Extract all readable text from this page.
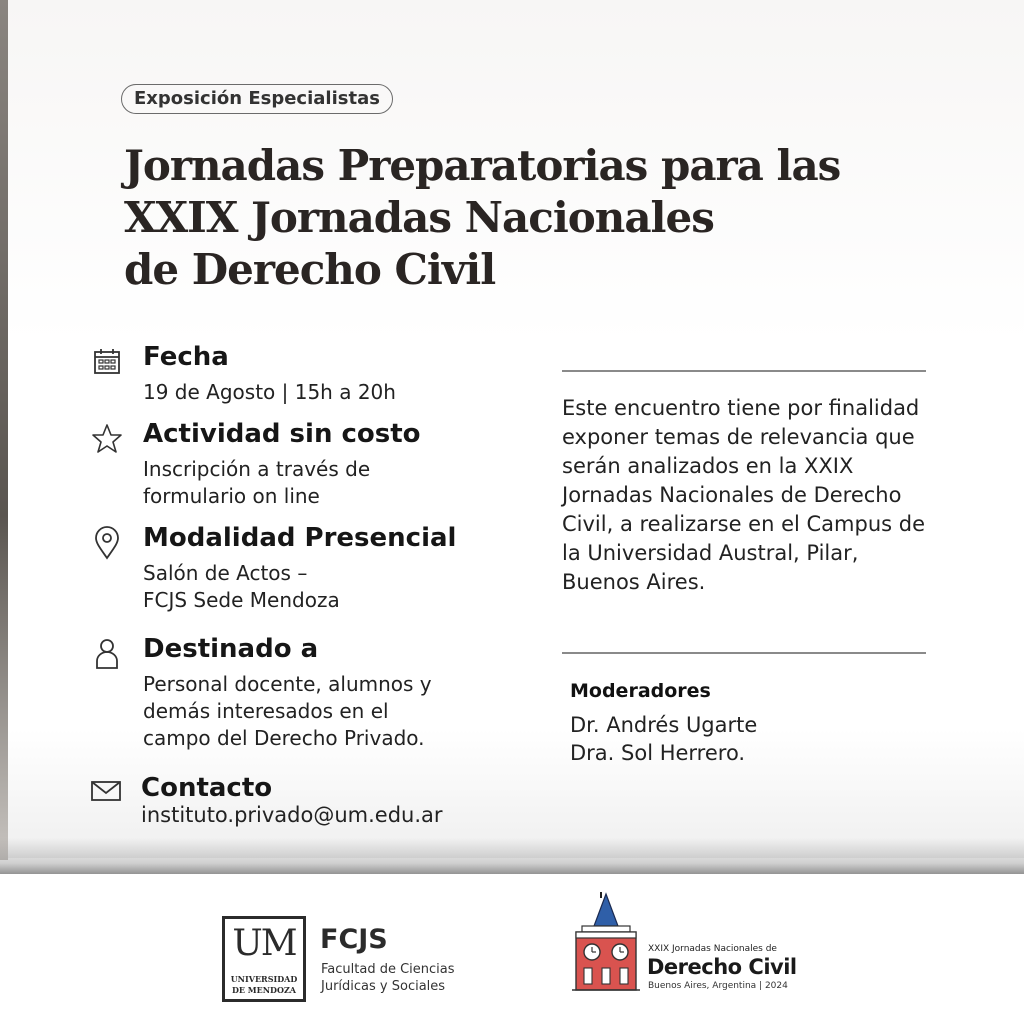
Exposición Especialistas
Jornadas Preparatorias para las
XXIX Jornadas Nacionales
de Derecho Civil
Fecha
19 de Agosto | 15h a 20h
Actividad sin costo
Inscripción a través de
formulario on line
Modalidad Presencial
Salón de Actos –
FCJS Sede Mendoza
Destinado a
Personal docente, alumnos y
demás interesados en el
campo del Derecho Privado.
Contacto
instituto.privado@um.edu.ar
Este encuentro tiene por finalidad exponer temas de relevancia que serán analizados en la XXIX Jornadas Nacionales de Derecho Civil, a realizarse en el Campus de la Universidad Austral, Pilar, Buenos Aires.
Moderadores
Dr. Andrés Ugarte
Dra. Sol Herrero.
UM
UNIVERSIDAD
DE MENDOZA
FCJS
Facultad de Ciencias
Jurídicas y Sociales
XXIX Jornadas Nacionales de
Derecho Civil
Buenos Aires, Argentina | 2024
